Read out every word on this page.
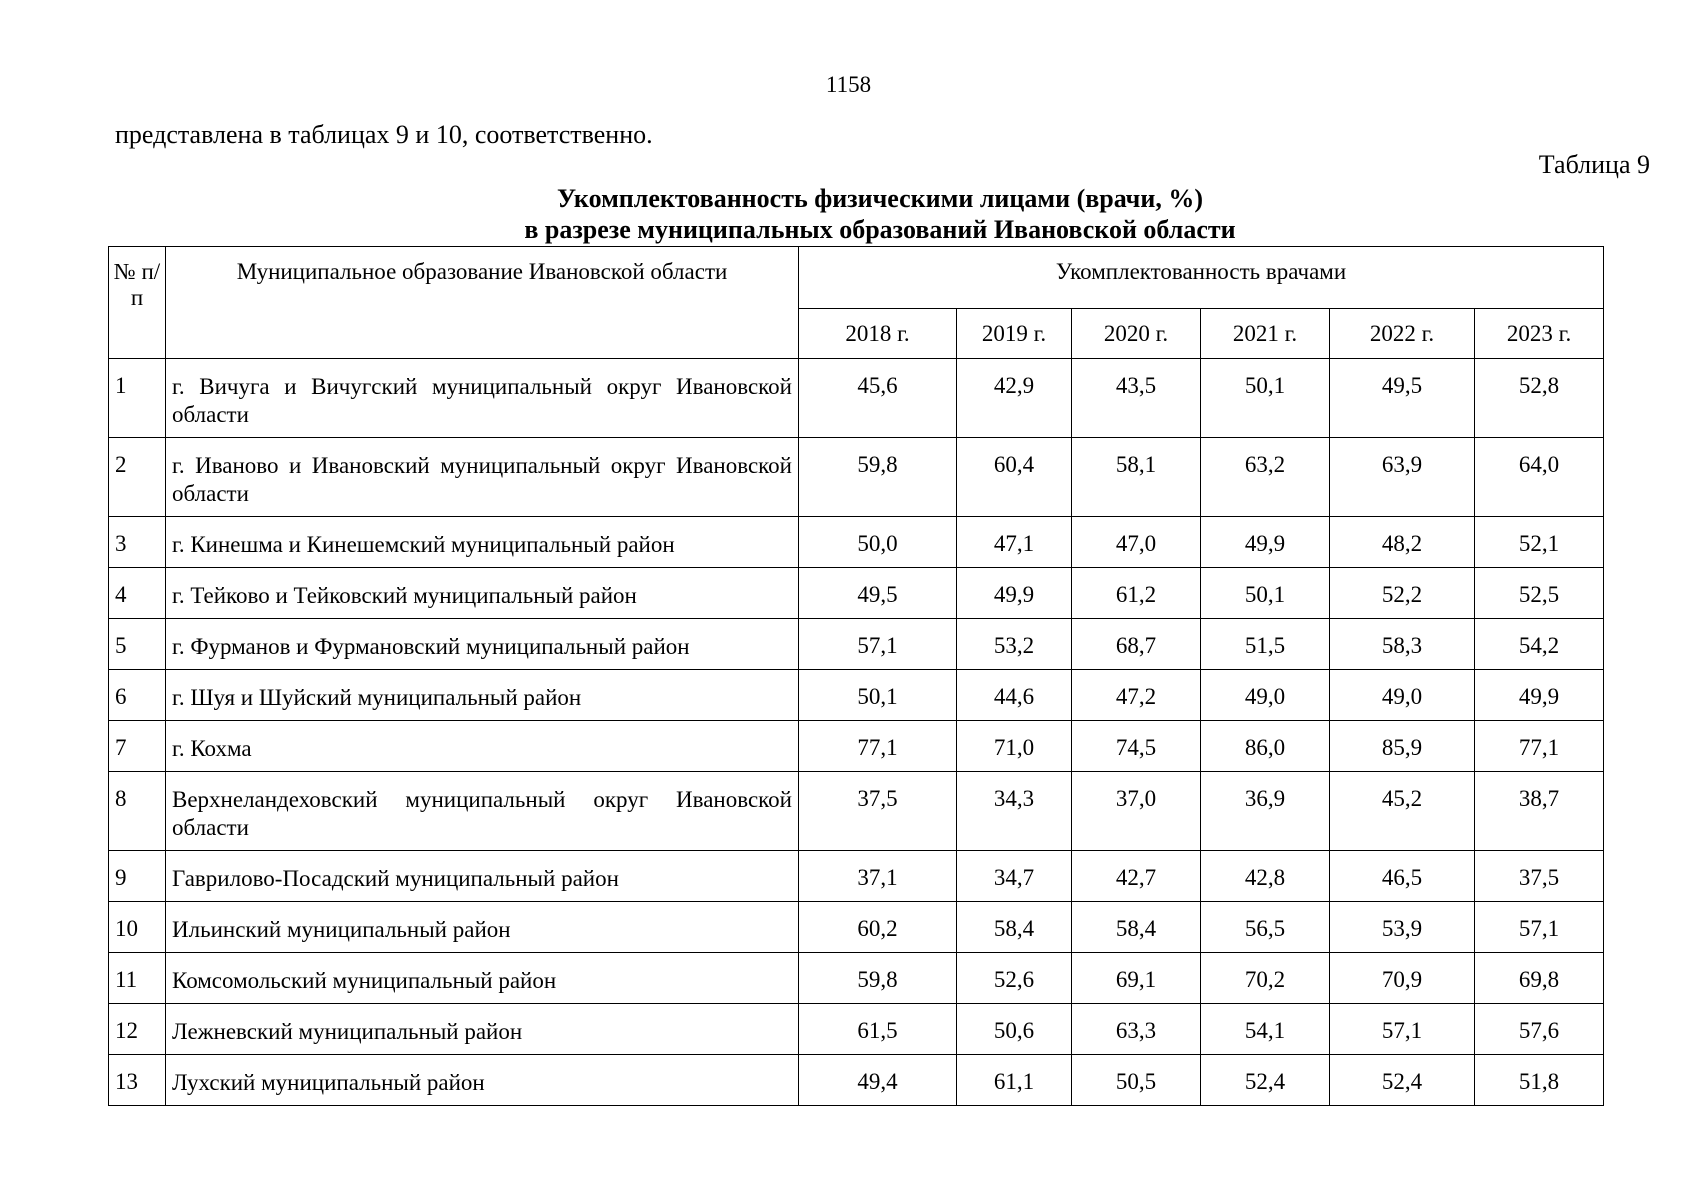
1158
представлена в таблицах 9 и 10, соответственно.
Таблица 9
Укомплектованность физическими лицами (врачи, %)
в разрезе муниципальных образований Ивановской области
№ п/п	Муниципальное образование Ивановской области	Укомплектованность врачами					
		2018 г.	2019 г.	2020 г.	2021 г.	2022 г.	2023 г.
1	г. Вичуга и Вичугский муниципальный округ Ивановской области	45,6	42,9	43,5	50,1	49,5	52,8
2	г. Иваново и Ивановский муниципальный округ Ивановской области	59,8	60,4	58,1	63,2	63,9	64,0
3	г. Кинешма и Кинешемский муниципальный район	50,0	47,1	47,0	49,9	48,2	52,1
4	г. Тейково и Тейковский муниципальный район	49,5	49,9	61,2	50,1	52,2	52,5
5	г. Фурманов и Фурмановский муниципальный район	57,1	53,2	68,7	51,5	58,3	54,2
6	г. Шуя и Шуйский муниципальный район	50,1	44,6	47,2	49,0	49,0	49,9
7	г. Кохма	77,1	71,0	74,5	86,0	85,9	77,1
8	Верхнеландеховский муниципальный округ Ивановской области	37,5	34,3	37,0	36,9	45,2	38,7
9	Гаврилово-Посадский муниципальный район	37,1	34,7	42,7	42,8	46,5	37,5
10	Ильинский муниципальный район	60,2	58,4	58,4	56,5	53,9	57,1
11	Комсомольский муниципальный район	59,8	52,6	69,1	70,2	70,9	69,8
12	Лежневский муниципальный район	61,5	50,6	63,3	54,1	57,1	57,6
13	Лухский муниципальный район	49,4	61,1	50,5	52,4	52,4	51,8
